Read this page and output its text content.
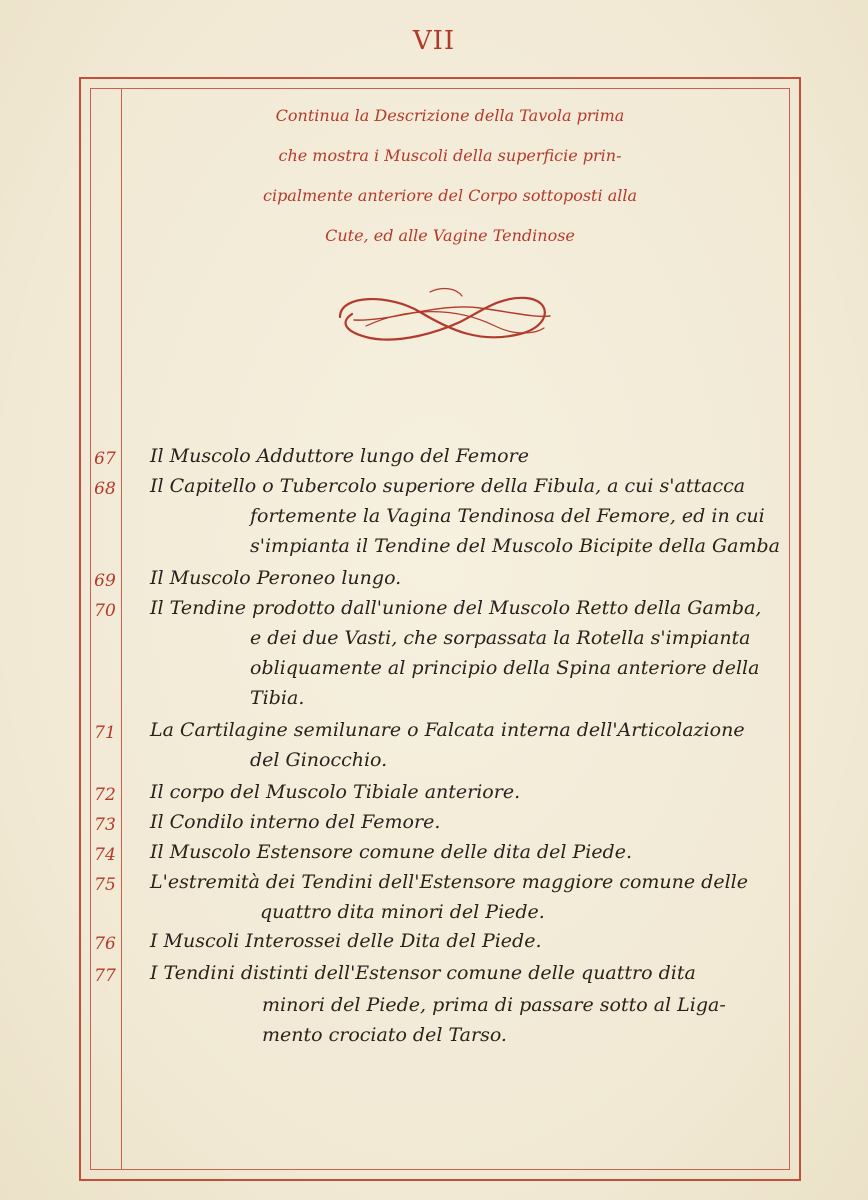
VII
Continua la Descrizione della Tavola prima
che mostra i Muscoli della superficie prin-
cipalmente anteriore del Corpo sottoposti alla
Cute, ed alle Vagine Tendinose
67	Il Muscolo Adduttore lungo del Femore
68	Il Capitello o Tubercolo superiore della Fibula, a cui s'attacca
fortemente la Vagina Tendinosa del Femore, ed in cui
s'impianta il Tendine del Muscolo Bicipite della Gamba
69	Il Muscolo Peroneo lungo.
70	Il Tendine prodotto dall'unione del Muscolo Retto della Gamba,
e dei due Vasti, che sorpassata la Rotella s'impianta
obliquamente al principio della Spina anteriore della
Tibia.
71	La Cartilagine semilunare o Falcata interna dell'Articolazione
del Ginocchio.
72	Il corpo del Muscolo Tibiale anteriore.
73	Il Condilo interno del Femore.
74	Il Muscolo Estensore comune delle dita del Piede.
75	L'estremità dei Tendini dell'Estensore maggiore comune delle
quattro dita minori del Piede.
76	I Muscoli Interossei delle Dita del Piede.
77	I Tendini distinti dell'Estensor comune delle quattro dita
minori del Piede, prima di passare sotto al Liga-
mento crociato del Tarso.
